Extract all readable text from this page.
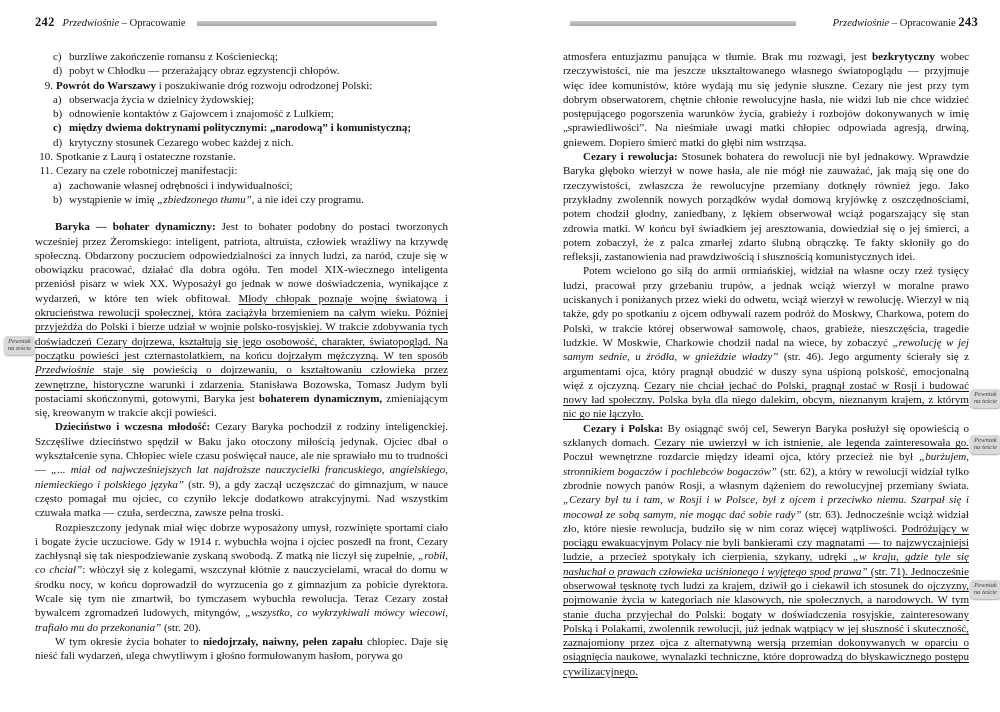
242 Przedwiośnie – Opracowanie	Przedwiośnie – Opracowanie 243
c) burzliwe zakończenie romansu z Kościeniecką;
d) pobyt w Chłodku — przerażający obraz egzystencji chłopów.
9. Powrót do Warszawy i poszukiwanie dróg rozwoju odrodzonej Polski:
a) obserwacja życia w dzielnicy żydowskiej;
b) odnowienie kontaktów z Gajowcem i znajomość z Lulkiem;
c) między dwiema doktrynami politycznymi: „narodową” i komunistyczną;
d) krytyczny stosunek Cezarego wobec każdej z nich.
10. Spotkanie z Laurą i ostateczne rozstanie.
11. Cezary na czele robotniczej manifestacji:
a) zachowanie własnej odrębności i indywidualności;
b) wystąpienie w imię „zbiedzonego tłumu”, a nie idei czy programu.
Baryka — bohater dynamiczny: Jest to bohater podobny do postaci tworzonych wcześniej przez Żeromskiego: inteligent, patriota, altruista, człowiek wrażliwy na krzywdę społeczną. Obdarzony poczuciem odpowiedzialności za innych ludzi, za naród, czuje się w obowiązku pracować, działać dla dobra ogółu. Ten model XIX-wiecznego inteligenta przeniósł pisarz w wiek XX. Wyposażył go jednak w nowe doświadczenia, wynikające z wydarzeń, w które ten wiek obfitował. Młody chłopak poznaje wojnę światową i okrucieństwa rewolucji społecznej, która zaciążyła brzemieniem na całym wieku. Później przyjeżdża do Polski i bierze udział w wojnie polsko-rosyjskiej. W trakcie zdobywania tych doświadczeń Cezary dojrzewa, kształtują się jego osobowość, charakter, światopogląd. Na początku powieści jest czternastolatkiem, na końcu dojrzałym mężczyzną. W ten sposób Przedwiośnie staje się powieścią o dojrzewaniu, o kształtowaniu człowieka przez zewnętrzne, historyczne warunki i zdarzenia. Stanisława Bozowska, Tomasz Judym byli postaciami skończonymi, gotowymi, Baryka jest bohaterem dynamicznym, zmieniającym się, kreowanym w trakcie akcji powieści.
Dzieciństwo i wczesna młodość: Cezary Baryka pochodził z rodziny inteligenckiej. Szczęśliwe dzieciństwo spędził w Baku jako otoczony miłością jedynak. Ojciec dbał o wykształcenie syna. Chłopiec wiele czasu poświęcał nauce, ale nie sprawiało mu to trudności — „... miał od najwcześniejszych lat najdroższe nauczycielki francuskiego, angielskiego, niemieckiego i polskiego języka” (str. 9), a gdy zaczął uczęszczać do gimnazjum, w nauce często pomagał mu ojciec, co czyniło lekcje dodatkowo atrakcyjnymi. Nad wszystkim czuwała matka — czuła, serdeczna, zawsze pełna troski.
Rozpieszczony jedynak miał więc dobrze wyposażony umysł, rozwinięte sportami ciało i bogate życie uczuciowe. Gdy w 1914 r. wybuchła wojna i ojciec poszedł na front, Cezary zachłysnął się tak niespodziewanie zyskaną swobodą. Z matką nie liczył się zupełnie, „robił, co chciał”: włóczył się z kolegami, wszczynał kłótnie z nauczycielami, wracał do domu w środku nocy, w końcu doprowadził do wyrzucenia go z gimnazjum za pobicie dyrektora. Wcale się tym nie zmartwił, bo tymczasem wybuchła rewolucja. Teraz Cezary został bywalcem zgromadzeń ludowych, mityngów, „wszystko, co wykrzykiwali mówcy wiecowi, trafiało mu do przekonania” (str. 20).
W tym okresie życia bohater to niedojrzały, naiwny, pełen zapału chłopiec. Daje się nieść fali wydarzeń, ulega chwytliwym i głośno formułowanym hasłom, porywa go
atmosfera entuzjazmu panująca w tłumie. Brak mu rozwagi, jest bezkrytyczny wobec rzeczywistości, nie ma jeszcze ukształtowanego własnego światopoglądu — przyjmuje więc idee komunistów, które wydają mu się jedynie słuszne. Cezary nie jest przy tym dobrym obserwatorem, chętnie chłonie rewolucyjne hasła, nie widzi lub nie chce widzieć postępującego pogorszenia warunków życia, grabieży i rozbojów dokonywanych w imię „sprawiedliwości”. Na nieśmiałe uwagi matki chłopiec odpowiada agresją, drwiną, gniewem. Dopiero śmierć matki do głębi nim wstrząsa.
Cezary i rewolucja: Stosunek bohatera do rewolucji nie był jednakowy. Wprawdzie Baryka głęboko wierzył w nowe hasła, ale nie mógł nie zauważać, jak mają się one do rzeczywistości, zwłaszcza że rewolucyjne przemiany dotknęły również jego. Jako przykładny zwolennik nowych porządków wydał domową kryjówkę z oszczędnościami, potem chodził głodny, zaniedbany, z lękiem obserwował wciąż pogarszający się stan zdrowia matki. W końcu był świadkiem jej aresztowania, dowiedział się o jej śmierci, a potem zobaczył, że z palca zmarłej zdarto ślubną obrączkę. Te fakty skłoniły go do refleksji, zastanowienia nad prawdziwością i słusznością komunistycznych idei.
Potem wcielono go siłą do armii ormiańskiej, widział na własne oczy rzeź tysięcy ludzi, pracował przy grzebaniu trupów, a jednak wciąż wierzył w moralne prawo uciskanych i poniżanych przez wieki do odwetu, wciąż wierzył w rewolucję. Wierzył w nią także, gdy po spotkaniu z ojcem odbywali razem podróż do Moskwy, Charkowa, potem do Polski, w trakcie której obserwował samowolę, chaos, grabieże, nieszczęścia, tragedie ludzkie. W Moskwie, Charkowie chodził nadal na wiece, by zobaczyć „rewolucję w jej samym sednie, u źródła, w gnieździe władzy” (str. 46). Jego argumenty ścierały się z argumentami ojca, który pragnął obudzić w duszy syna uśpioną polskość, emocjonalną więź z ojczyzną. Cezary nie chciał jechać do Polski, pragnął zostać w Rosji i budować nowy ład społeczny. Polska była dla niego dalekim, obcym, nieznanym krajem, z którym nic go nie łączyło.
Cezary i Polska: By osiągnąć swój cel, Seweryn Baryka posłużył się opowieścią o szklanych domach. Cezary nie uwierzył w ich istnienie, ale legenda zainteresowała go. Poczuł wewnętrzne rozdarcie między ideami ojca, który przecież nie był „burżujem, stronnikiem bogaczów i pochlebców bogaczów” (str. 62), a który w rewolucji widział tylko zbrodnie nowych panów Rosji, a własnym dążeniem do rewolucyjnej przemiany świata. „Cezary był tu i tam, w Rosji i w Polsce, był z ojcem i przeciwko niemu. Szarpał się i mocował ze sobą samym, nie mogąc dać sobie rady” (str. 63). Jednocześnie wciąż widział zło, które niesie rewolucja, budziło się w nim coraz więcej wątpliwości. Podróżujący w pociągu ewakuacyjnym Polacy nie byli bankierami czy magnatami — to najzwyczajniejsi ludzie, a przecież spotykały ich cierpienia, szykany, udręki „w kraju, gdzie tyle się nasłuchał o prawach człowieka uciśnionego i wyjętego spod prawa” (str. 71). Jednocześnie obserwował tęsknotę tych ludzi za krajem, dziwił go i ciekawił ich stosunek do ojczyzny, pojmowanie życia w kategoriach nie klasowych, nie społecznych, a narodowych. W tym stanie ducha przyjechał do Polski: bogaty w doświadczenia rosyjskie, zainteresowany Polską i Polakami, zwolennik rewolucji, już jednak wątpiący w jej słuszność i skuteczność, zaznajomiony przez ojca z alternatywną wersją przemian dokonywanych w oparciu o osiągnięcia naukowe, wynalazki techniczne, które doprowadzą do błyskawicznego postępu cywilizacyjnego.
Pewniak
na teście
Pewniak
na teście
Pewniak
na teście
Pewniak
na teście
